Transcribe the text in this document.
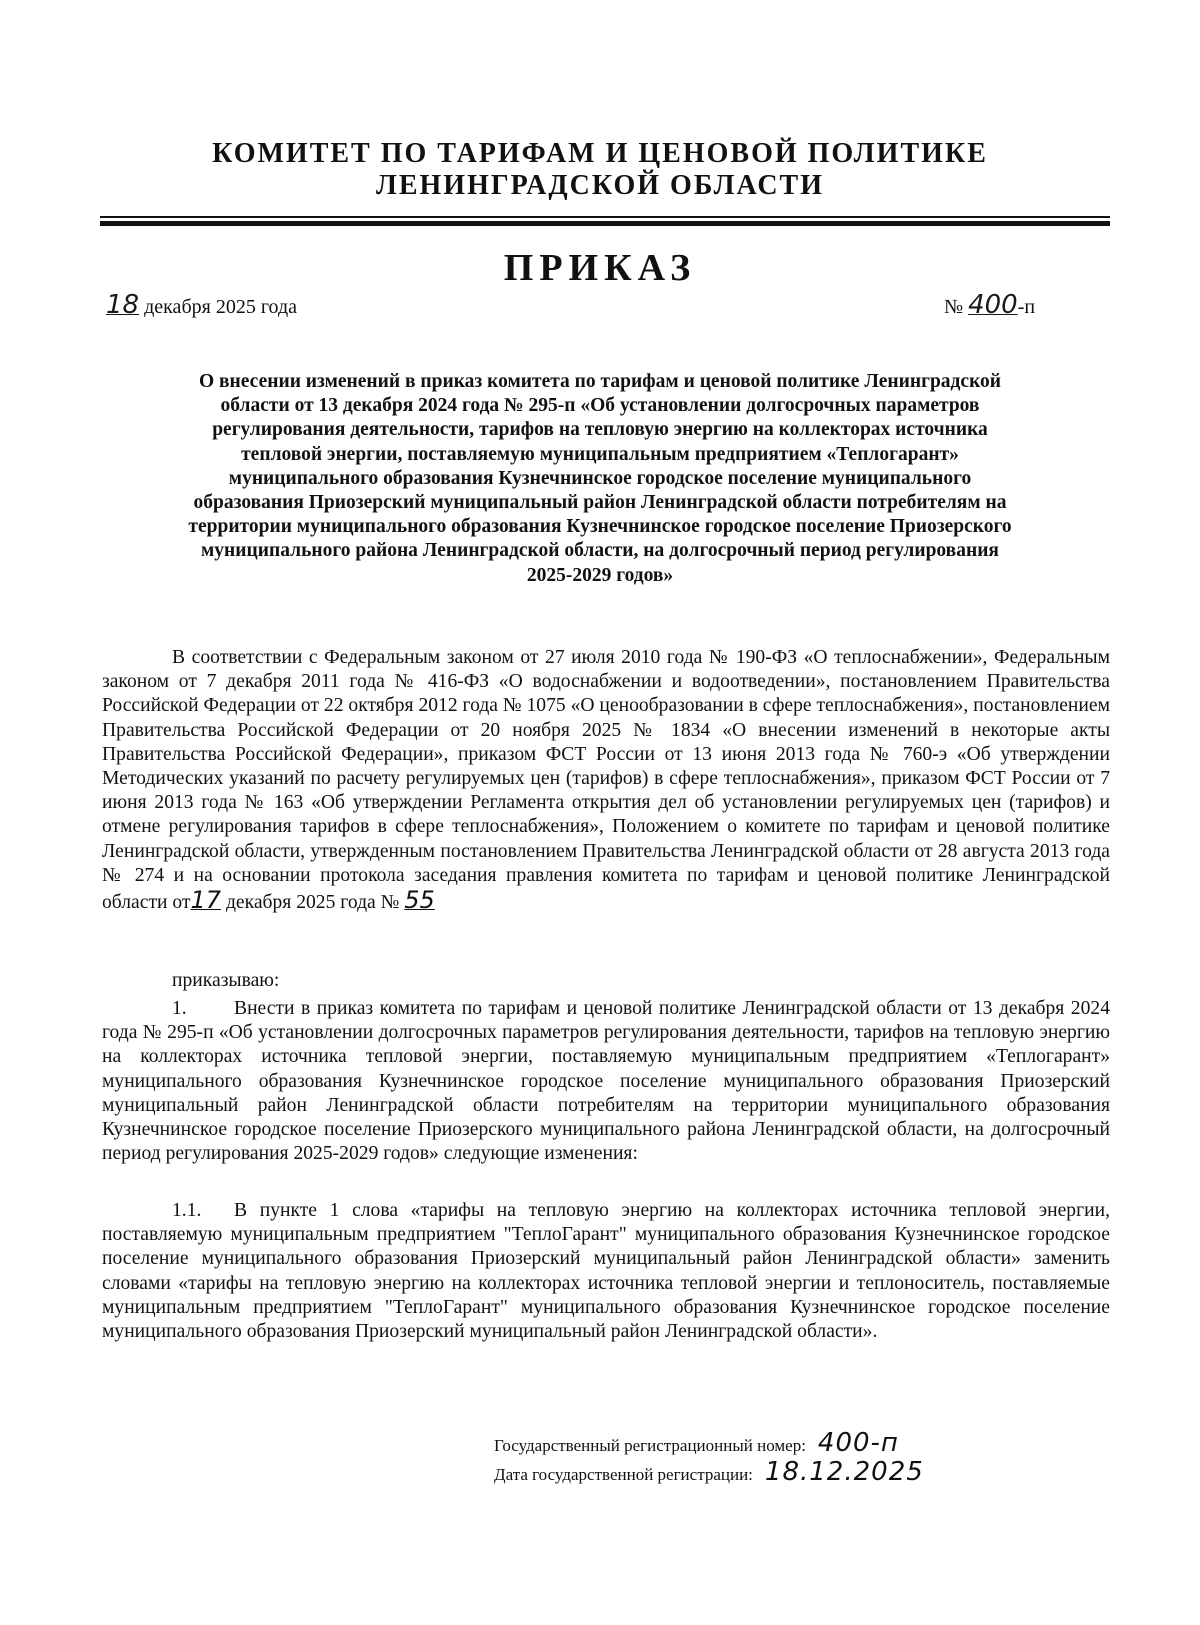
КОМИТЕТ ПО ТАРИФАМ И ЦЕНОВОЙ ПОЛИТИКЕ
ЛЕНИНГРАДСКОЙ ОБЛАСТИ
ПРИКАЗ
18 декабря 2025 года	№ 400-п
О внесении изменений в приказ комитета по тарифам и ценовой политике Ленинградской
области от 13 декабря 2024 года № 295-п «Об установлении долгосрочных параметров
регулирования деятельности, тарифов на тепловую энергию на коллекторах источника
тепловой энергии, поставляемую муниципальным предприятием «Теплогарант»
муниципального образования Кузнечнинское городское поселение муниципального
образования Приозерский муниципальный район Ленинградской области потребителям на
территории муниципального образования Кузнечнинское городское поселение Приозерского
муниципального района Ленинградской области, на долгосрочный период регулирования
2025-2029 годов»
В соответствии с Федеральным законом от 27 июля 2010 года № 190-ФЗ «О теплоснабжении», Федеральным законом от 7 декабря 2011 года № 416-ФЗ «О водоснабжении и водоотведении», постановлением Правительства Российской Федерации от 22 октября 2012 года № 1075 «О ценообразовании в сфере теплоснабжения», постановлением Правительства Российской Федерации от 20 ноября 2025 № 1834 «О внесении изменений в некоторые акты Правительства Российской Федерации», приказом ФСТ России от 13 июня 2013 года № 760-э «Об утверждении Методических указаний по расчету регулируемых цен (тарифов) в сфере теплоснабжения», приказом ФСТ России от 7 июня 2013 года № 163 «Об утверждении Регламента открытия дел об установлении регулируемых цен (тарифов) и отмене регулирования тарифов в сфере теплоснабжения», Положением о комитете по тарифам и ценовой политике Ленинградской области, утвержденным постановлением Правительства Ленинградской области от 28 августа 2013 года № 274 и на основании протокола заседания правления комитета по тарифам и ценовой политике Ленинградской области от17 декабря 2025 года № 55
приказываю:
1. Внести в приказ комитета по тарифам и ценовой политике Ленинградской области от 13 декабря 2024 года № 295-п «Об установлении долгосрочных параметров регулирования деятельности, тарифов на тепловую энергию на коллекторах источника тепловой энергии, поставляемую муниципальным предприятием «Теплогарант» муниципального образования Кузнечнинское городское поселение муниципального образования Приозерский муниципальный район Ленинградской области потребителям на территории муниципального образования Кузнечнинское городское поселение Приозерского муниципального района Ленинградской области, на долгосрочный период регулирования 2025-2029 годов» следующие изменения:
1.1. В пункте 1 слова «тарифы на тепловую энергию на коллекторах источника тепловой энергии, поставляемую муниципальным предприятием "ТеплоГарант" муниципального образования Кузнечнинское городское поселение муниципального образования Приозерский муниципальный район Ленинградской области» заменить словами «тарифы на тепловую энергию на коллекторах источника тепловой энергии и теплоноситель, поставляемые муниципальным предприятием "ТеплоГарант" муниципального образования Кузнечнинское городское поселение муниципального образования Приозерский муниципальный район Ленинградской области».
Государственный регистрационный номер: 400-п
Дата государственной регистрации: 18.12.2025
